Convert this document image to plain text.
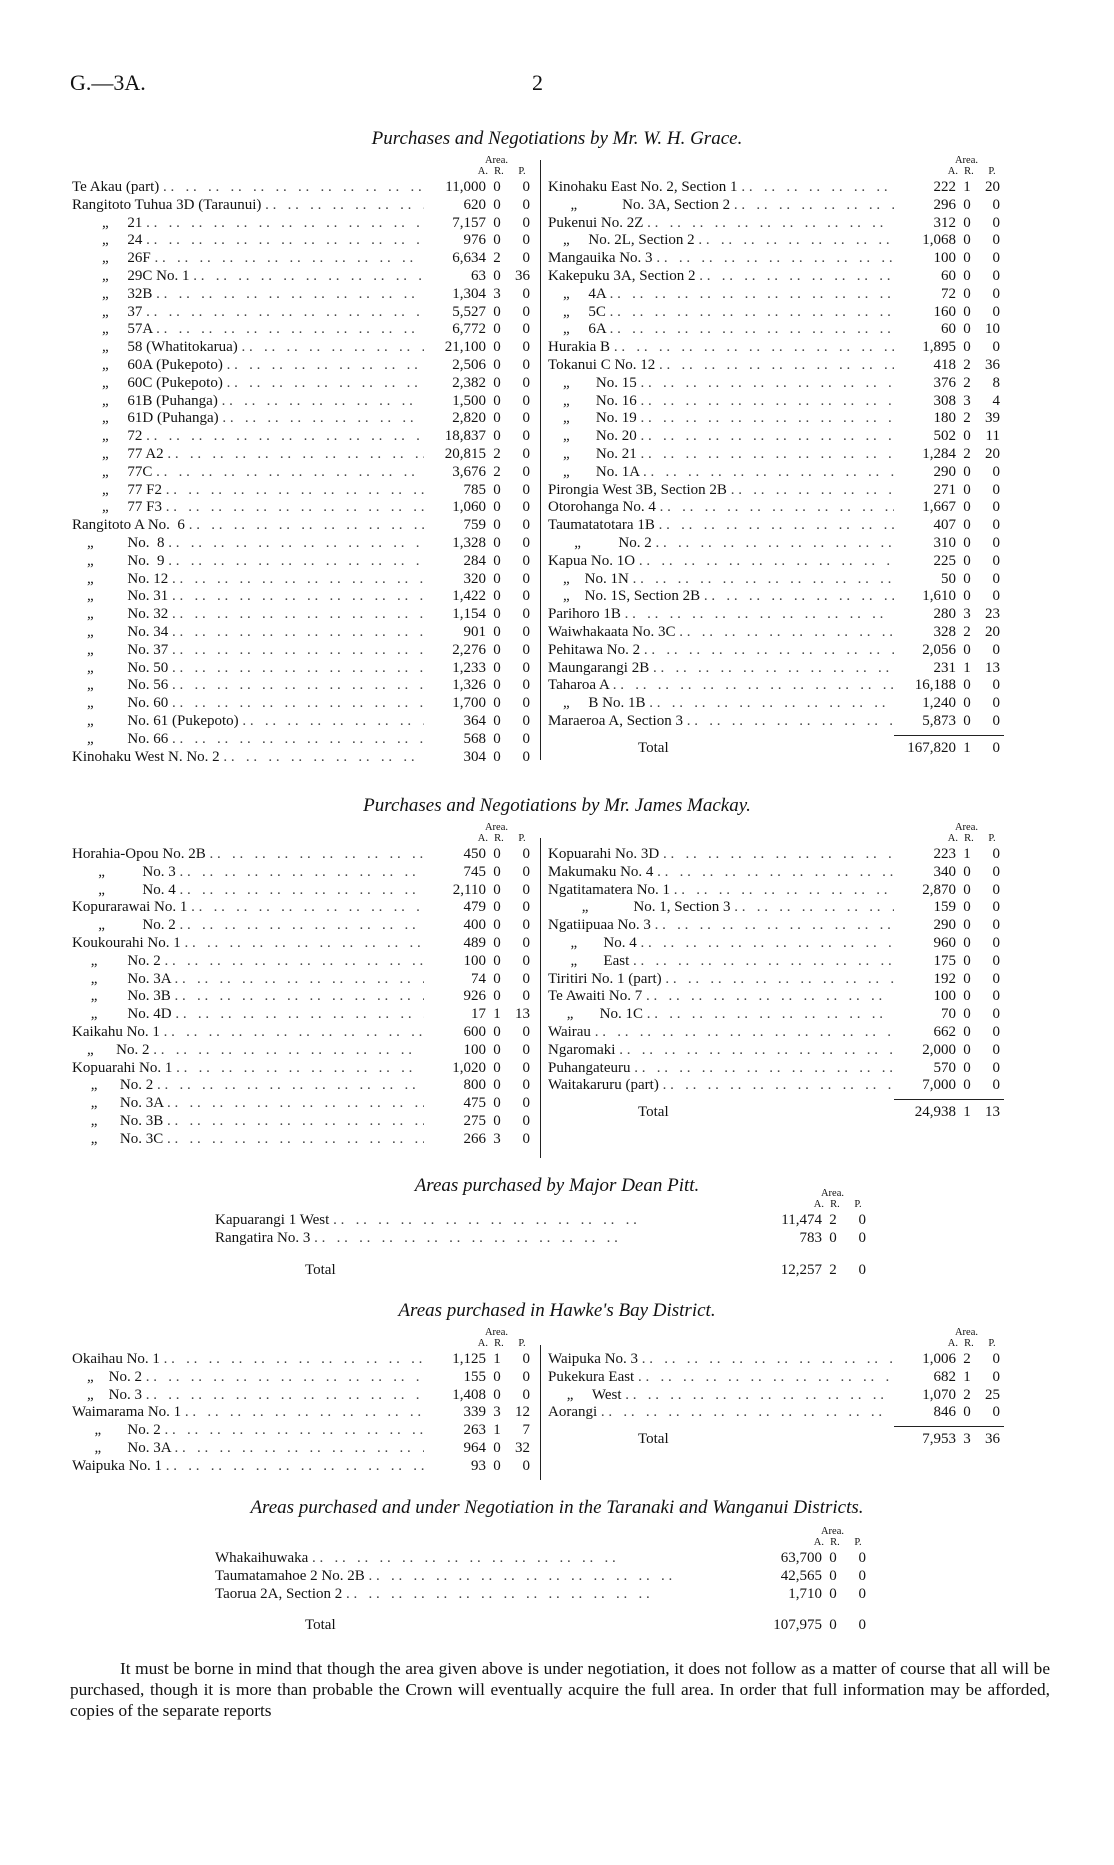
G.—3A.	2
Purchases and Negotiations by Mr. W. H. Grace.
Area.
A. R.	P.
Te Akau (part) . .	11,000 0	0
Rangitoto Tuhua 3D (Taraunui) . .	620 0	0
„     21 . .	7,157 0	0
„     24 . .	976 0	0
„     26F . .	6,634 2	0
„     29C No. 1 . .	63 0 36
„     32B . .	1,304 3	0
„     37 . .	5,527 0	0
„     57A . .	6,772 0	0
„     58 (Whatitokarua) . .	21,100 0	0
„     60A (Pukepoto) . .	2,506 0	0
„     60C (Pukepoto) . .	2,382 0	0
„     61B (Puhanga) . .	1,500 0	0
„     61D (Puhanga) . .	2,820 0	0
„     72 . .	18,837 0	0
„     77 A2 . .	20,815 2	0
„     77C . .	3,676 2	0
„     77 F2 . .	785 0	0
„     77 F3 . .	1,060 0	0
Rangitoto A No.  6 . .	759 0	0
„         No.  8 . .	1,328 0	0
„         No.  9 . .	284 0	0
„         No. 12 . .	320 0	0
„         No. 31 . .	1,422 0	0
„         No. 32 . .	1,154 0	0
„         No. 34 . .	901 0	0
„         No. 37 . .	2,276 0	0
„         No. 50 . .	1,233 0	0
„         No. 56 . .	1,326 0	0
„         No. 60 . .	1,700 0	0
„         No. 61 (Pukepoto) . .	364 0	0
„         No. 66 . .	568 0	0
Kinohaku West N. No. 2 . .	304 0	0
Area.
A. R.	P.
Kinohaku East No. 2, Section 1 . .	222 1 20
„            No. 3A, Section 2 . .	296 0	0
Pukenui No. 2Z . .	312 0	0
„     No. 2L, Section 2 . .	1,068 0	0
Mangauika No. 3 . .	100 0	0
Kakepuku 3A, Section 2 . .	60 0	0
„     4A . .	72 0	0
„     5C . .	160 0	0
„     6A . .	60 0 10
Hurakia B . .	1,895 0	0
Tokanui C No. 12 . .	418 2 36
„       No. 15 . .	376 2	8
„       No. 16 . .	308 3	4
„       No. 19 . .	180 2 39
„       No. 20 . .	502 0 11
„       No. 21 . .	1,284 2 20
„       No. 1A . .	290 0	0
Pirongia West 3B, Section 2B . .	271 0	0
Otorohanga No. 4 . .	1,667 0	0
Taumatatotara 1B . .	407 0	0
„          No. 2 . .	310 0	0
Kapua No. 1O . .	225 0	0
„    No. 1N . .	50 0	0
„    No. 1S, Section 2B . .	1,610 0	0
Parihoro 1B . .	280 3 23
Waiwhakaata No. 3C . .	328 2 20
Pehitawa No. 2 . .	2,056 0	0
Maungarangi 2B . .	231 1 13
Taharoa A . .	16,188 0	0
„     B No. 1B . .	1,240 0	0
Maraeroa A, Section 3 . .	5,873 0	0
Total	167,820 1	0
Purchases and Negotiations by Mr. James Mackay.
Area.
A. R.	P.
Horahia-Opou No. 2B . .	450 0	0
„          No. 3 . .	745 0	0
„          No. 4 . .	2,110 0	0
Kopurarawai No. 1 . .	479 0	0
„          No. 2 . .	400 0	0
Koukourahi No. 1 . .	489 0	0
„        No. 2 . .	100 0	0
„        No. 3A . .	74 0	0
„        No. 3B . .	926 0	0
„        No. 4D . .	17 1 13
Kaikahu No. 1 . .	600 0	0
„      No. 2 . .	100 0	0
Kopuarahi No. 1 . .	1,020 0	0
„      No. 2 . .	800 0	0
„      No. 3A . .	475 0	0
„      No. 3B . .	275 0	0
„      No. 3C . .	266 3	0
Area.
A. R.	P.
Kopuarahi No. 3D . .	223 1	0
Makumaku No. 4 . .	340 0	0
Ngatitamatera No. 1 . .	2,870 0	0
„            No. 1, Section 3 . .	159 0	0
Ngatiipuaa No. 3 . .	290 0	0
„       No. 4 . .	960 0	0
„       East . .	175 0	0
Tiritiri No. 1 (part) . .	192 0	0
Te Awaiti No. 7 . .	100 0	0
„       No. 1C . .	70 0	0
Wairau . .	662 0	0
Ngaromaki . .	2,000 0	0
Puhangateuru . .	570 0	0
Waitakaruru (part) . .	7,000 0	0
Total	24,938 1 13
Areas purchased by Major Dean Pitt.	Area.
A. R.	P.
Kapuarangi 1 West . .	11,474 2	0
Rangatira No. 3 . .	783 0	0
Total	12,257 2	0
Areas purchased in Hawke's Bay District.
Area.
A. R.	P.
Okaihau No. 1 . .	1,125 1	0
„    No. 2 . .	155 0	0
„    No. 3 . .	1,408 0	0
Waimarama No. 1 . .	339 3 12
„       No. 2 . .	263 1	7
„       No. 3A . .	964 0 32
Waipuka No. 1 . .	93 0	0
Area.
A. R.	P.
Waipuka No. 3 . .	1,006 2	0
Pukekura East . .	682 1	0
„     West . .	1,070 2 25
Aorangi . .	846 0	0
Total	7,953 3 36
Areas purchased and under Negotiation in the Taranaki and Wanganui Districts.
Area.
A. R.	P.
Whakaihuwaka . .	63,700 0	0
Taumatamahoe 2 No. 2B . .	42,565 0	0
Taorua 2A, Section 2 . .	1,710 0	0
Total	107,975 0	0

It must be borne in mind that though the area given above is under negotiation, it does not follow as a matter of course that all will be purchased, though it is more than probable the Crown will eventually acquire the full area. In order that full information may be afforded, copies of the separate reports
